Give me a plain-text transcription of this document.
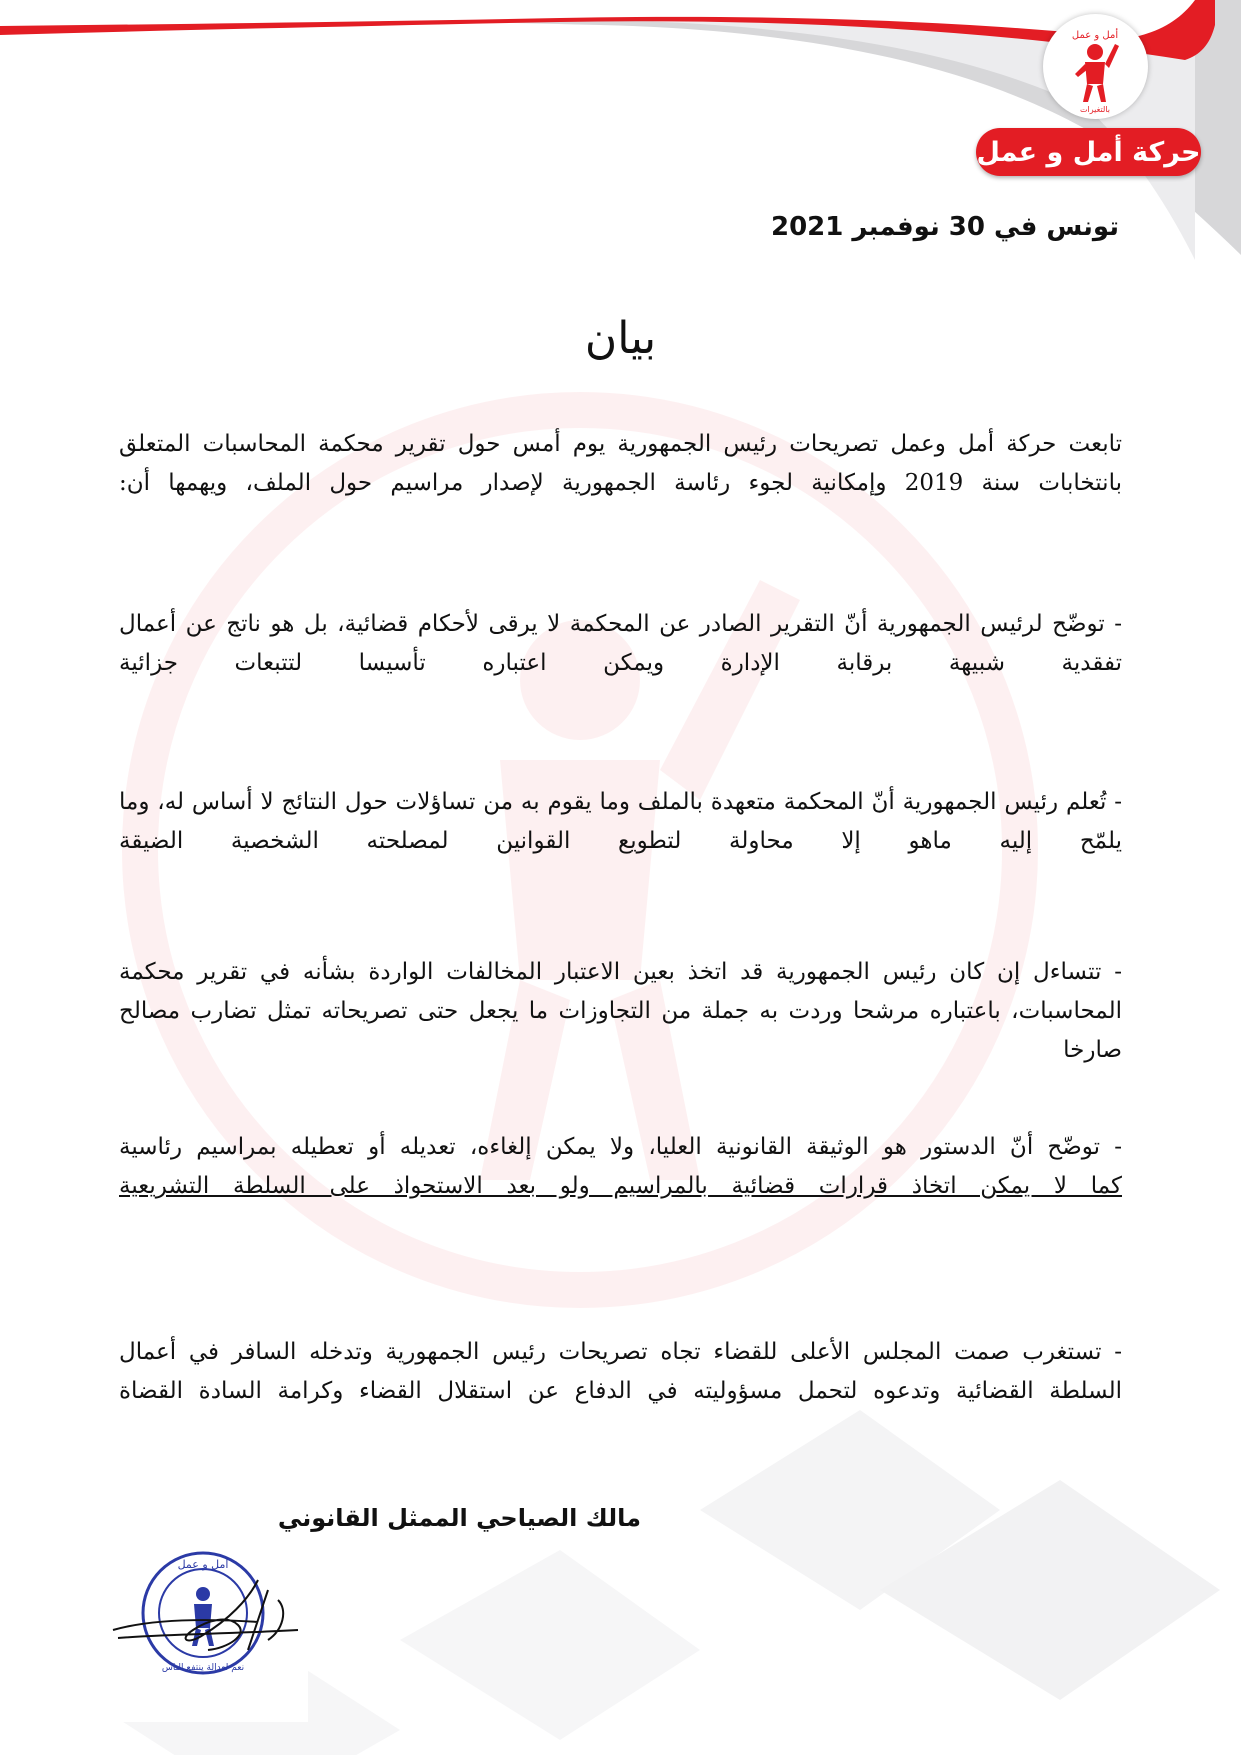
أمل و عمل
بالتغيرات
حركة أمل و عمل
تونس في 30 نوفمبر 2021
بيان
تابعت حركة أمل وعمل تصريحات رئيس الجمهورية يوم أمس حول تقرير محكمة المحاسبات المتعلق بانتخابات سنة 2019 وإمكانية لجوء رئاسة الجمهورية لإصدار مراسيم حول الملف، ويهمها أن:
- توضّح لرئيس الجمهورية أنّ التقرير الصادر عن المحكمة لا يرقى لأحكام قضائية، بل هو ناتج عن أعمال تفقدية شبيهة برقابة الإدارة ويمكن اعتباره تأسيسا لتتبعات جزائية
- تُعلم رئيس الجمهورية أنّ المحكمة متعهدة بالملف وما يقوم به من تساؤلات حول النتائج لا أساس له، وما يلمّح إليه ماهو إلا محاولة لتطويع القوانين لمصلحته الشخصية الضيقة
- تتساءل إن كان رئيس الجمهورية قد اتخذ بعين الاعتبار المخالفات الواردة بشأنه في تقرير محكمة المحاسبات، باعتباره مرشحا وردت به جملة من التجاوزات ما يجعل حتى تصريحاته تمثل تضارب مصالح صارخا
- توضّح أنّ الدستور هو الوثيقة القانونية العليا، ولا يمكن إلغاءه، تعديله أو تعطيله بمراسيم رئاسية
كما لا يمكن اتخاذ قرارات قضائية بالمراسيم ولو بعد الاستحواذ على السلطة التشريعية
- تستغرب صمت المجلس الأعلى للقضاء تجاه تصريحات رئيس الجمهورية وتدخله السافر في أعمال السلطة القضائية وتدعوه لتحمل مسؤوليته في الدفاع عن استقلال القضاء وكرامة السادة القضاة
مالك الصياحي الممثل القانوني
أمل و عمل
نعم لعدالة ينتفع الناس
